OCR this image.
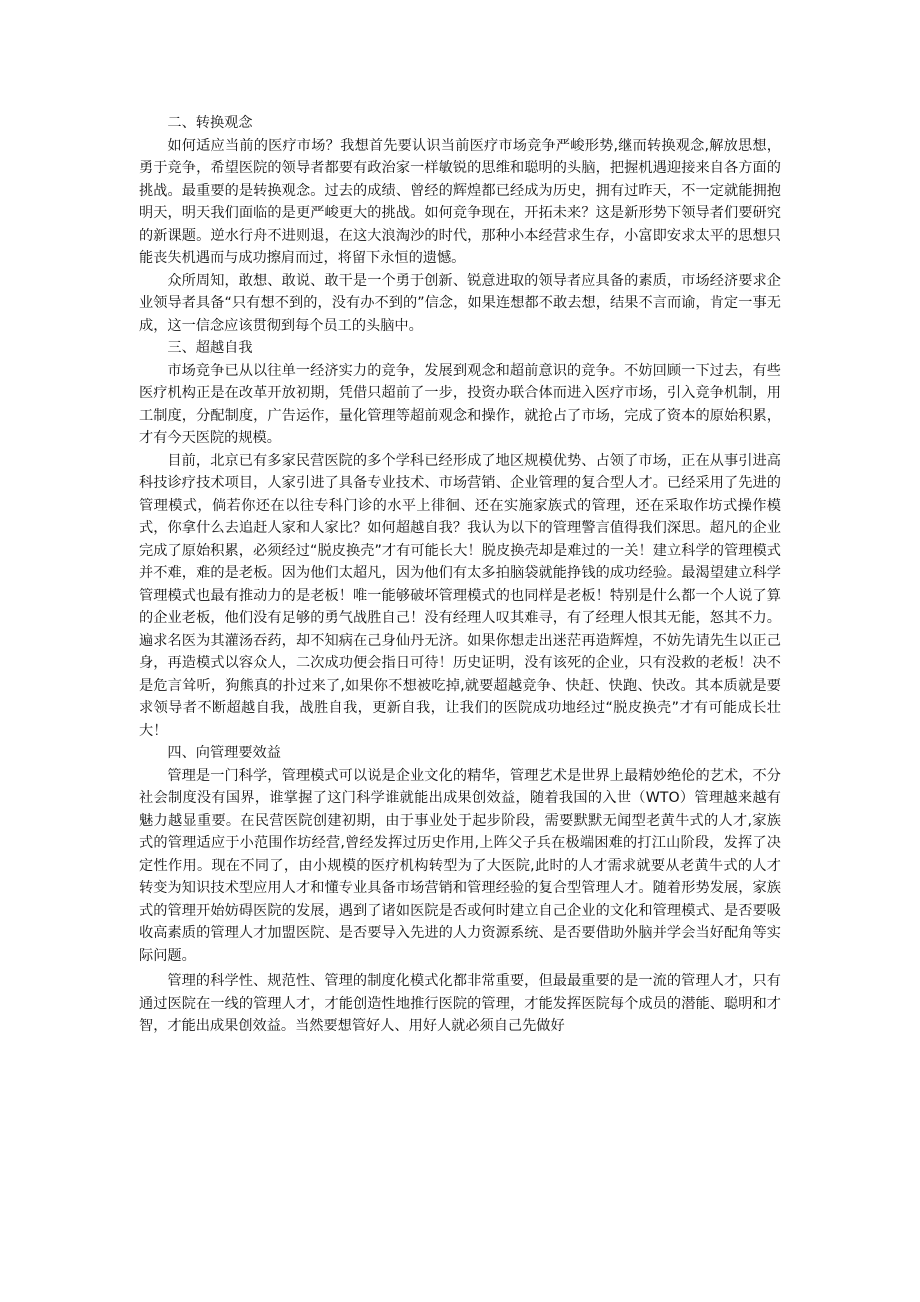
二、转换观念

如何适应当前的医疗市场？我想首先要认识当前医疗市场竞争严峻形势,继而转换观念,解放思想，勇于竞争，希望医院的领导者都要有政治家一样敏锐的思维和聪明的头脑，把握机遇迎接来自各方面的挑战。最重要的是转换观念。过去的成绩、曾经的辉煌都已经成为历史，拥有过昨天，不一定就能拥抱明天，明天我们面临的是更严峻更大的挑战。如何竞争现在，开拓未来？这是新形势下领导者们要研究的新课题。逆水行舟不进则退，在这大浪淘沙的时代，那种小本经营求生存，小富即安求太平的思想只能丧失机遇而与成功擦肩而过，将留下永恒的遗憾。

众所周知，敢想、敢说、敢干是一个勇于创新、锐意进取的领导者应具备的素质，市场经济要求企业领导者具备“只有想不到的，没有办不到的”信念，如果连想都不敢去想，结果不言而谕，肯定一事无成，这一信念应该贯彻到每个员工的头脑中。

三、超越自我

市场竞争已从以往单一经济实力的竞争，发展到观念和超前意识的竞争。不妨回顾一下过去，有些医疗机构正是在改革开放初期，凭借只超前了一步，投资办联合体而进入医疗市场，引入竞争机制，用工制度，分配制度，广告运作，量化管理等超前观念和操作，就抢占了市场，完成了资本的原始积累，才有今天医院的规模。

目前，北京已有多家民营医院的多个学科已经形成了地区规模优势、占领了市场，正在从事引进高科技诊疗技术项目，人家引进了具备专业技术、市场营销、企业管理的复合型人才。已经采用了先进的管理模式，倘若你还在以往专科门诊的水平上徘徊、还在实施家族式的管理，还在采取作坊式操作模式，你拿什么去追赶人家和人家比？如何超越自我？我认为以下的管理警言值得我们深思。超凡的企业完成了原始积累，必须经过“脱皮换壳”才有可能长大！脱皮换壳却是难过的一关！建立科学的管理模式并不难，难的是老板。因为他们太超凡，因为他们有太多拍脑袋就能挣钱的成功经验。最渴望建立科学管理模式也最有推动力的是老板！唯一能够破坏管理模式的也同样是老板！特别是什么都一个人说了算的企业老板，他们没有足够的勇气战胜自己！没有经理人叹其难寻，有了经理人恨其无能，怒其不力。遍求名医为其灌汤吞药，却不知病在己身仙丹无济。如果你想走出迷茫再造辉煌，不妨先请先生以正己身，再造模式以容众人，二次成功便会指日可待！历史证明，没有该死的企业，只有没救的老板！决不是危言耸听，狗熊真的扑过来了,如果你不想被吃掉,就要超越竞争、快赶、快跑、快改。其本质就是要求领导者不断超越自我，战胜自我，更新自我，让我们的医院成功地经过“脱皮换壳”才有可能成长壮大！

四、向管理要效益

管理是一门科学，管理模式可以说是企业文化的精华，管理艺术是世界上最精妙绝伦的艺术，不分社会制度没有国界，谁掌握了这门科学谁就能出成果创效益，随着我国的入世（WTO）管理越来越有魅力越显重要。在民营医院创建初期，由于事业处于起步阶段，需要默默无闻型老黄牛式的人才,家族式的管理适应于小范围作坊经营,曾经发挥过历史作用,上阵父子兵在极端困难的打江山阶段，发挥了决定性作用。现在不同了，由小规模的医疗机构转型为了大医院,此时的人才需求就要从老黄牛式的人才转变为知识技术型应用人才和懂专业具备市场营销和管理经验的复合型管理人才。随着形势发展，家族式的管理开始妨碍医院的发展，遇到了诸如医院是否或何时建立自己企业的文化和管理模式、是否要吸收高素质的管理人才加盟医院、是否要导入先进的人力资源系统、是否要借助外脑并学会当好配角等实际问题。

管理的科学性、规范性、管理的制度化模式化都非常重要，但最最重要的是一流的管理人才，只有通过医院在一线的管理人才，才能创造性地推行医院的管理，才能发挥医院每个成员的潜能、聪明和才智，才能出成果创效益。当然要想管好人、用好人就必须自己先做好
